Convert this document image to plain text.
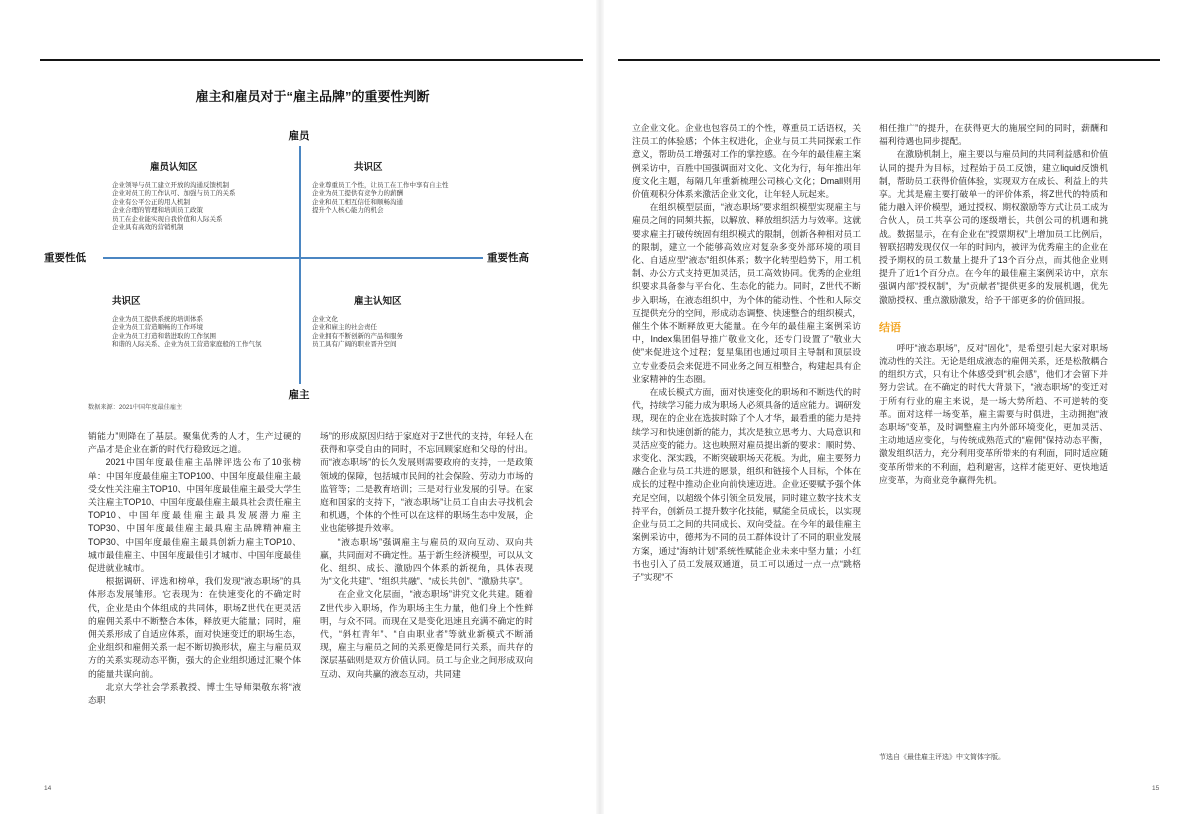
雇主和雇员对于“雇主品牌”的重要性判断
雇员
雇主
重要性低	重要性高
雇员认知区
企业领导与员工建立开放的沟通反馈机制
企业对员工的工作认可、加强与员工的关系
企业有公平公正的用人机制
企业合理的管理和培训员工政策
员工在企业能实现自我价值和人际关系
企业具有高效的营销机制
共识区
企业尊重员工个性，让员工在工作中享有自主性
企业为员工提供有竞争力的薪酬
企业和员工相互信任和顺畅沟通
提升个人核心能力的机会
共识区
企业为员工提供系统的培训体系
企业为员工营造顺畅的工作环境
企业为员工打造和谐进取的工作氛围
和谐的人际关系、企业为员工营造家庭般的工作气氛
雇主认知区
企业文化
企业和雇主的社会责任
企业拥有不断创新的产品和服务
员工具有广阔的职业晋升空间
数据来源：2021中国年度最佳雇主

销能力”则降在了基层。聚集优秀的人才，生产过硬的产品才是企业在新的时代行稳致远之道。

2021中国年度最佳雇主品牌评选公布了10张榜单：中国年度最佳雇主TOP100、中国年度最佳雇主最受女性关注雇主TOP10、中国年度最佳雇主最受大学生关注雇主TOP10、中国年度最佳雇主最具社会责任雇主TOP10、中国年度最佳雇主最具发展潜力雇主TOP30、中国年度最佳雇主最具雇主品牌精神雇主TOP30、中国年度最佳雇主最具创新力雇主TOP10、城市最佳雇主、中国年度最佳引才城市、中国年度最佳促进就业城市。

根据调研、评选和榜单，我们发现“液态职场”的具体形态发展雏形。它表现为：在快速变化的不确定时代，企业是由个体组成的共同体，职场Z世代在更灵活的雇佣关系中不断整合本体，释放更大能量；同时，雇佣关系形成了自适应体系，面对快速变迁的职场生态，企业组织和雇佣关系一起不断切换形状，雇主与雇员双方的关系实现动态平衡，强大的企业组织通过汇聚个体的能量共谋向前。

北京大学社会学系教授、博士生导师渠敬东将“液态职

场”的形成原因归结于家庭对于Z世代的支持，年轻人在获得和享受自由的同时，不忘回顾家庭和父母的付出。而“液态职场”的长久发展则需要政府的支持，一是政策领域的保障，包括城市民间的社会保险、劳动力市场的监管等；二是教育培训；三是对行业发展的引导。在家庭和国家的支持下，“液态职场”让员工自由去寻找机会和机遇，个体的个性可以在这样的职场生态中发展，企业也能够提升效率。

“液态职场”强调雇主与雇员的双向互动、双向共赢，共同面对不确定性。基于新生经济模型，可以从文化、组织、成长、激励四个体系的新视角，具体表现为“文化共建”、“组织共融”、“成长共创”、“激励共享”。

在企业文化层面，“液态职场”讲究文化共建。随着Z世代步入职场，作为职场主生力量，他们身上个性鲜明，与众不同。而现在又是变化迅速且充满不确定的时代，“斜杠青年”、“自由职业者”等就业新模式不断涌现，雇主与雇员之间的关系更像是同行关系，而共存的深层基础则是双方价值认同。员工与企业之间形成双向互动、双向共赢的液态互动，共同建

14

立企业文化。企业也包容员工的个性，尊重员工话语权，关注员工的体验感；个体主权进化，企业与员工共同探索工作意义，帮助员工增强对工作的掌控感。在今年的最佳雇主案例采访中，百胜中国强调面对文化、文化为行，每年推出年度文化主题，每隔几年重新梳理公司核心文化；Dmall则用价值观积分体系来激活企业文化，让年轻人玩起来。

在组织模型层面，“液态职场”要求组织模型实现雇主与雇员之间的同频共振，以解放、释放组织活力与效率。这就要求雇主打破传统固有组织模式的限制，创新各种相对员工的限制，建立一个能够高效应对复杂多变外部环境的项目化、自适应型“液态”组织体系；数字化转型趋势下，用工机制、办公方式支持更加灵活，员工高效协同。优秀的企业组织要求具备参与平台化、生态化的能力。同时，Z世代不断步入职场，在液态组织中，为个体的能动性、个性和人际交互提供充分的空间，形成动态调整、快速整合的组织模式，催生个体不断释放更大能量。在今年的最佳雇主案例采访中，Index集团倡导推广敬业文化，还专门设置了“敬业大使”来促进这个过程；复星集团也通过项目主导制和顶层设立专业委员会来促进不同业务之间互相整合，构建起具有企业家精神的生态圈。

在成长模式方面，面对快速变化的职场和不断迭代的时代，持续学习能力成为职场人必须具备的适应能力。调研发现，现在的企业在选拔时除了个人才华，最看重的能力是持续学习和快速创新的能力，其次是独立思考力、大局意识和灵活应变的能力。这也映照对雇员提出新的要求：顺时势、求变化、深实践，不断突破职场天花板。为此，雇主要努力融合企业与员工共进的愿景，组织和链接个人目标，个体在成长的过程中推动企业向前快速迈进。企业还要赋予强个体充足空间，以超级个体引领全员发展，同时建立数字技术支持平台，创新员工提升数字化技能，赋能全员成长，以实现企业与员工之间的共同成长、双向受益。在今年的最佳雇主案例采访中，德邦为不同的员工群体设计了不同的职业发展方案，通过“海纳计划”系统性赋能企业未来中坚力量；小红书也引入了员工发展双通道，员工可以通过一点一点“跳格子”实现“不

相任推广”的提升，在获得更大的施展空间的同时，薪酬和福利待遇也同步提配。

在激励机制上，雇主要以与雇员间的共同利益感和价值认同的提升为目标，过程始于员工反馈，建立liquid反馈机制，帮助员工获得价值体验，实现双方在成长、利益上的共享。尤其是雇主要打破单一的评价体系，将Z世代的特质和能力融入评价模型，通过授权、期权激励等方式让员工成为合伙人，员工共享公司的逐级增长，共创公司的机遇和挑战。数据显示，在有企业在“授票期权”上增加员工比例后，智联招聘发现仅仅一年的时间内，被评为优秀雇主的企业在授予期权的员工数量上提升了13个百分点，而其他企业则提升了近1个百分点。在今年的最佳雇主案例采访中，京东强调内部“授权制”，为“贡献者”提供更多的发展机遇，优先激励授权、重点激励激发，给予干部更多的价值回报。

结语

呼吁“液态职场”，反对“固化”，是希望引起大家对职场流动性的关注。无论是组成液态的雇佣关系，还是松散耦合的组织方式，只有让个体感受到“机会感”，他们才会留下并努力尝试。在不确定的时代大背景下，“液态职场”的变迁对于所有行业的雇主来说，是一场大势所趋、不可逆转的变革。面对这样一场变革，雇主需要与时俱进，主动拥抱“液态职场”变革，及时调整雇主内外部环境变化，更加灵活、主动地适应变化，与传统成熟范式的“雇佣”保持动态平衡，激发组织活力，充分利用变革所带来的有利面，同时适应随变革所带来的不利面，趋利避害，这样才能更好、更快地适应变革，为商业竞争赢得先机。

节选自《最佳雇主评选》中文简体字版。
15
